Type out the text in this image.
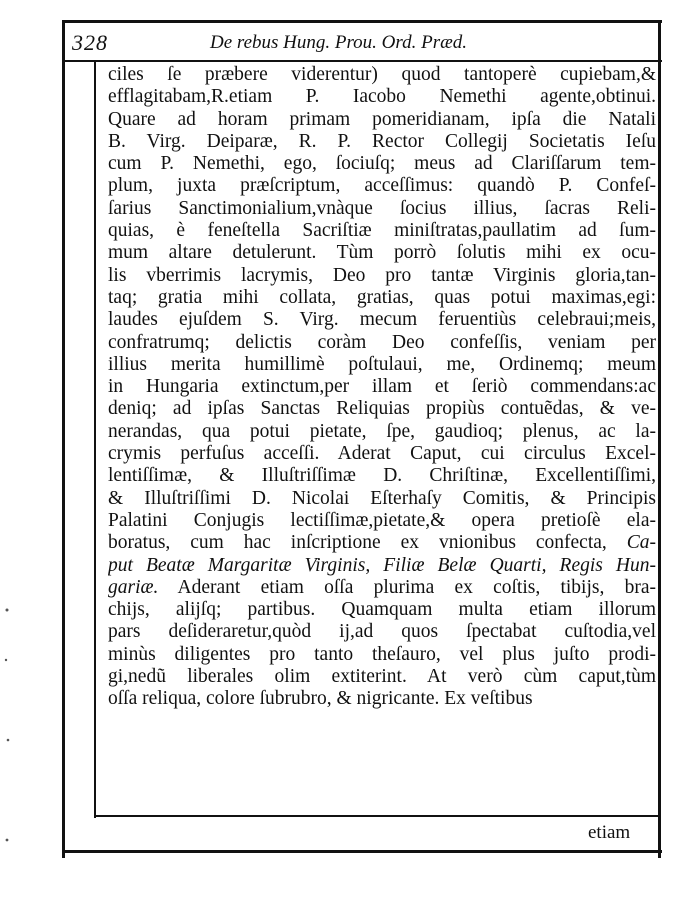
328	De rebus Hung. Prou. Ord. Præd.
ciles ſe præbere viderentur) quod tantoperè cupiebam,&
efflagitabam,R.etiam P. Iacobo Nemethi agente,obtinui.
Quare ad horam primam pomeridianam, ipſa die Natali
B. Virg. Deiparæ, R. P. Rector Collegij Societatis Ieſu
cum P. Nemethi, ego, ſociuſq; meus ad Clariſſarum tem-
plum, juxta præſcriptum, acceſſimus: quandò P. Confeſ-
ſarius Sanctimonialium,vnàque ſocius illius, ſacras Reli-
quias, è feneſtella Sacriſtiæ miniſtratas,paullatim ad ſum-
mum altare detulerunt. Tùm porrò ſolutis mihi ex ocu-
lis vberrimis lacrymis, Deo pro tantæ Virginis gloria,tan-
taq; gratia mihi collata, gratias, quas potui maximas,egi:
laudes ejuſdem S. Virg. mecum feruentiùs celebraui;meis,
confratrumq; delictis coràm Deo confeſſis, veniam per
illius merita humillimè poſtulaui, me, Ordinemq; meum
in Hungaria extinctum,per illam et ſeriò commendans:ac
deniq; ad ipſas Sanctas Reliquias propiùs contuẽdas, & ve-
nerandas, qua potui pietate, ſpe, gaudioq; plenus, ac la-
crymis perfuſus acceſſi. Aderat Caput, cui circulus Excel-
lentiſſimæ, & Illuſtriſſimæ D. Chriſtinæ, Excellentiſſimi,
& Illuſtriſſimi D. Nicolai Eſterhaſy Comitis, & Principis
Palatini Conjugis lectiſſimæ,pietate,& opera pretioſè ela-
boratus, cum hac inſcriptione ex vnionibus confecta, Ca-
put Beatæ Margaritæ Virginis, Filiæ Belæ Quarti, Regis Hun-
gariæ. Aderant etiam oſſa plurima ex coſtis, tibijs, bra-
chijs, alijſq; partibus. Quamquam multa etiam illorum
pars deſideraretur,quòd ij,ad quos ſpectabat cuſtodia,vel
minùs diligentes pro tanto theſauro, vel plus juſto prodi-
gi,nedũ liberales olim extiterint. At verò cùm caput,tùm
oſſa reliqua, colore ſubrubro, & nigricante. Ex veſtibus
etiam
